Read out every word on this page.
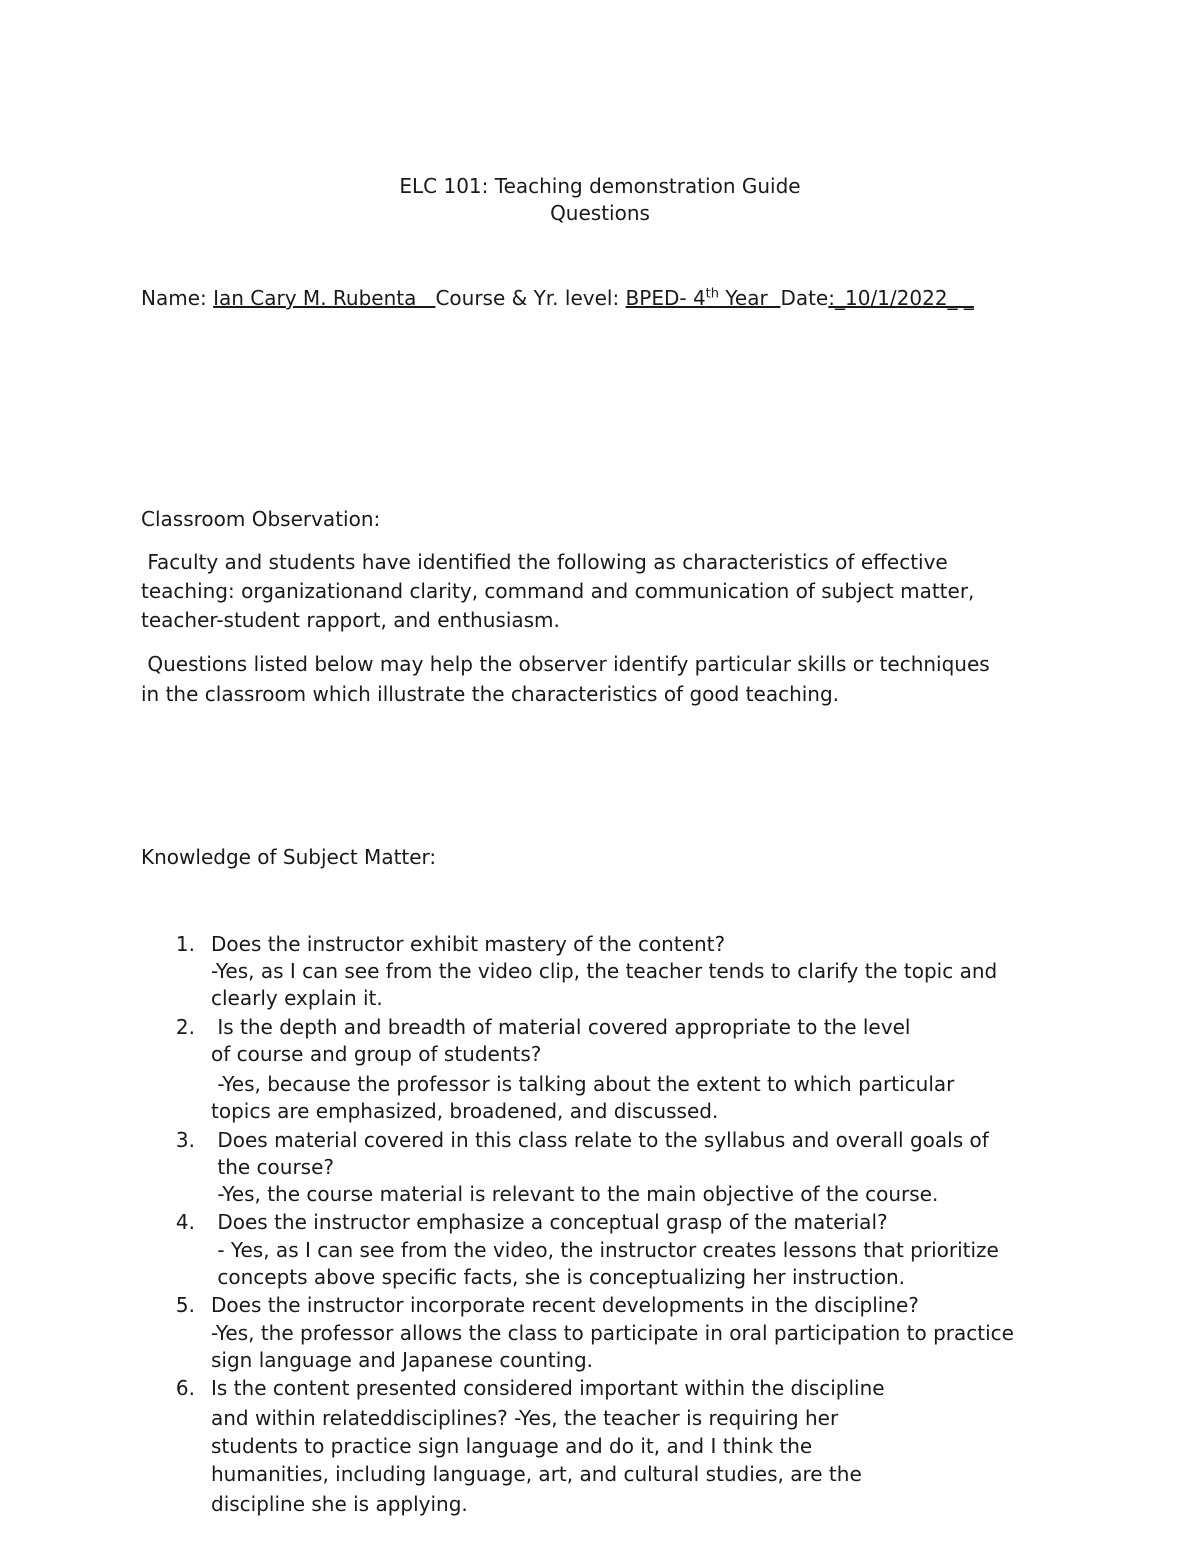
ELC 101: Teaching demonstration Guide
Questions
Name: Ian Cary M. Rubenta   Course & Yr. level: BPED- 4th Year  Date:_10/1/2022_ _
Classroom Observation:
Faculty and students have identified the following as characteristics of effective
teaching: organizationand clarity, command and communication of subject matter,
teacher-student rapport, and enthusiasm.
Questions listed below may help the observer identify particular skills or techniques
in the classroom which illustrate the characteristics of good teaching.
Knowledge of Subject Matter:
1. Does the instructor exhibit mastery of the content?
-Yes, as I can see from the video clip, the teacher tends to clarify the topic and
clearly explain it.
2. Is the depth and breadth of material covered appropriate to the level
of course and group of students?
-Yes, because the professor is talking about the extent to which particular
topics are emphasized, broadened, and discussed.
3. Does material covered in this class relate to the syllabus and overall goals of
the course?
-Yes, the course material is relevant to the main objective of the course.
4. Does the instructor emphasize a conceptual grasp of the material?
- Yes, as I can see from the video, the instructor creates lessons that prioritize
concepts above specific facts, she is conceptualizing her instruction.
5. Does the instructor incorporate recent developments in the discipline?
-Yes, the professor allows the class to participate in oral participation to practice
sign language and Japanese counting.
6. Is the content presented considered important within the discipline
and within relateddisciplines? -Yes, the teacher is requiring her
students to practice sign language and do it, and I think the
humanities, including language, art, and cultural studies, are the
discipline she is applying.
